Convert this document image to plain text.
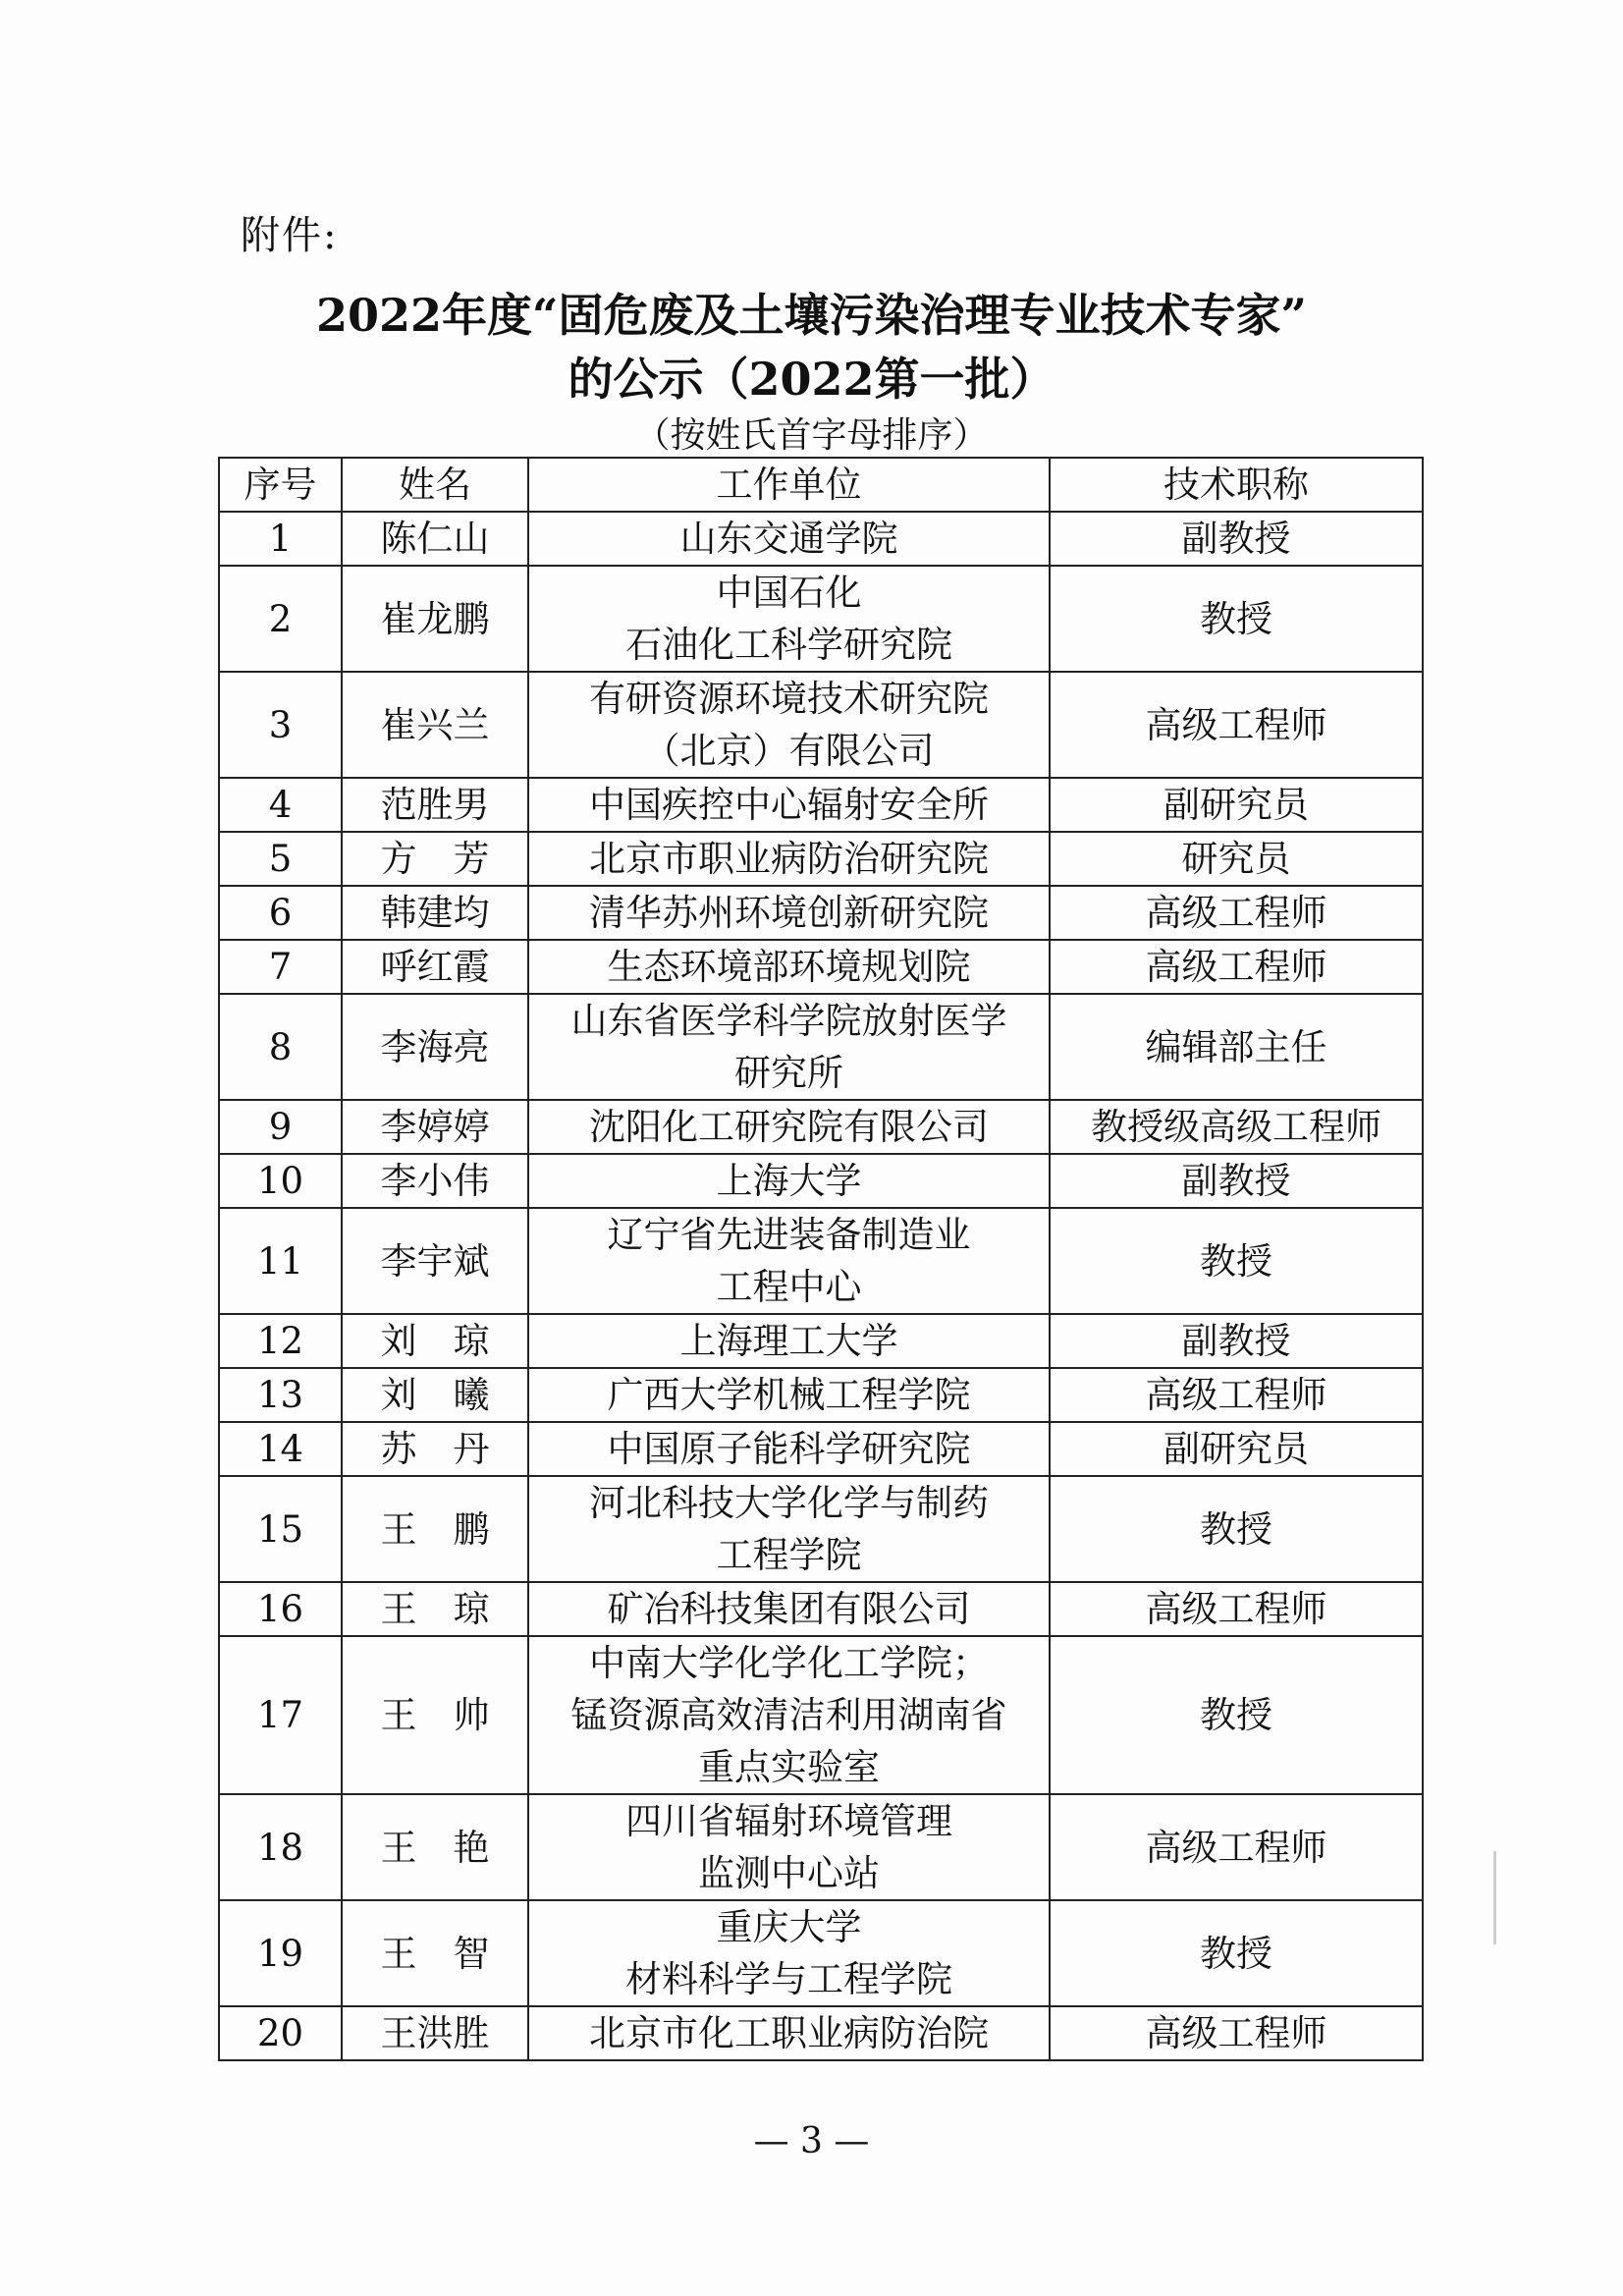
附件:
2022年度“固危废及土壤污染治理专业技术专家”
的公示（2022第一批）
（按姓氏首字母排序）
序号	姓名	工作单位	技术职称
1	陈仁山	山东交通学院	副教授
2	崔龙鹏	中国石化
石油化工科学研究院	教授
3	崔兴兰	有研资源环境技术研究院
（北京）有限公司	高级工程师
4	范胜男	中国疾控中心辐射安全所	副研究员
5	方　芳	北京市职业病防治研究院	研究员
6	韩建均	清华苏州环境创新研究院	高级工程师
7	呼红霞	生态环境部环境规划院	高级工程师
8	李海亮	山东省医学科学院放射医学
研究所	编辑部主任
9	李婷婷	沈阳化工研究院有限公司	教授级高级工程师
10	李小伟	上海大学	副教授
11	李宇斌	辽宁省先进装备制造业
工程中心	教授
12	刘　琼	上海理工大学	副教授
13	刘　曦	广西大学机械工程学院	高级工程师
14	苏　丹	中国原子能科学研究院	副研究员
15	王　鹏	河北科技大学化学与制药
工程学院	教授
16	王　琼	矿冶科技集团有限公司	高级工程师
17	王　帅	中南大学化学化工学院；
锰资源高效清洁利用湖南省
重点实验室	教授
18	王　艳	四川省辐射环境管理
监测中心站	高级工程师
19	王　智	重庆大学
材料科学与工程学院	教授
20	王洪胜	北京市化工职业病防治院	高级工程师
— 3 —
